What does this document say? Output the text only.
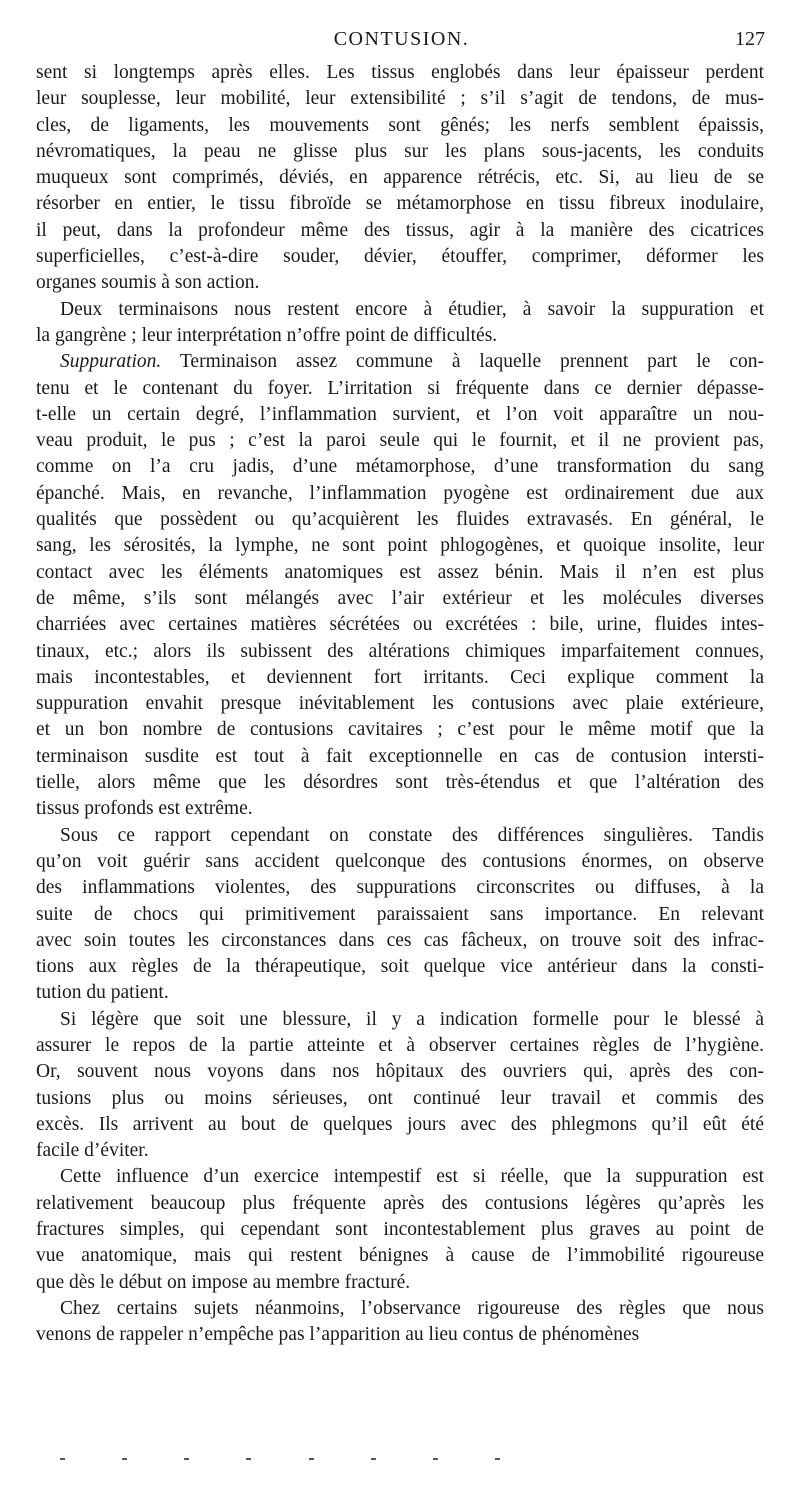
CONTUSION.	127
sent si longtemps après elles. Les tissus englobés dans leur épaisseur perdent
leur souplesse, leur mobilité, leur extensibilité ; s’il s’agit de tendons, de mus-
cles, de ligaments, les mouvements sont gênés; les nerfs semblent épaissis,
névromatiques, la peau ne glisse plus sur les plans sous-jacents, les conduits
muqueux sont comprimés, déviés, en apparence rétrécis, etc. Si, au lieu de se
résorber en entier, le tissu fibroïde se métamorphose en tissu fibreux inodulaire,
il peut, dans la profondeur même des tissus, agir à la manière des cicatrices
superficielles, c’est-à-dire souder, dévier, étouffer, comprimer, déformer les
organes soumis à son action.
Deux terminaisons nous restent encore à étudier, à savoir la suppuration et
la gangrène ; leur interprétation n’offre point de difficultés.
Suppuration. Terminaison assez commune à laquelle prennent part le con-
tenu et le contenant du foyer. L’irritation si fréquente dans ce dernier dépasse-
t-elle un certain degré, l’inflammation survient, et l’on voit apparaître un nou-
veau produit, le pus ; c’est la paroi seule qui le fournit, et il ne provient pas,
comme on l’a cru jadis, d’une métamorphose, d’une transformation du sang
épanché. Mais, en revanche, l’inflammation pyogène est ordinairement due aux
qualités que possèdent ou qu’acquièrent les fluides extravasés. En général, le
sang, les sérosités, la lymphe, ne sont point phlogogènes, et quoique insolite, leur
contact avec les éléments anatomiques est assez bénin. Mais il n’en est plus
de même, s’ils sont mélangés avec l’air extérieur et les molécules diverses
charriées avec certaines matières sécrétées ou excrétées : bile, urine, fluides intes-
tinaux, etc.; alors ils subissent des altérations chimiques imparfaitement connues,
mais incontestables, et deviennent fort irritants. Ceci explique comment la
suppuration envahit presque inévitablement les contusions avec plaie extérieure,
et un bon nombre de contusions cavitaires ; c’est pour le même motif que la
terminaison susdite est tout à fait exceptionnelle en cas de contusion intersti-
tielle, alors même que les désordres sont très-étendus et que l’altération des
tissus profonds est extrême.
Sous ce rapport cependant on constate des différences singulières. Tandis
qu’on voit guérir sans accident quelconque des contusions énormes, on observe
des inflammations violentes, des suppurations circonscrites ou diffuses, à la
suite de chocs qui primitivement paraissaient sans importance. En relevant
avec soin toutes les circonstances dans ces cas fâcheux, on trouve soit des infrac-
tions aux règles de la thérapeutique, soit quelque vice antérieur dans la consti-
tution du patient.
Si légère que soit une blessure, il y a indication formelle pour le blessé à
assurer le repos de la partie atteinte et à observer certaines règles de l’hygiène.
Or, souvent nous voyons dans nos hôpitaux des ouvriers qui, après des con-
tusions plus ou moins sérieuses, ont continué leur travail et commis des
excès. Ils arrivent au bout de quelques jours avec des phlegmons qu’il eût été
facile d’éviter.
Cette influence d’un exercice intempestif est si réelle, que la suppuration est
relativement beaucoup plus fréquente après des contusions légères qu’après les
fractures simples, qui cependant sont incontestablement plus graves au point de
vue anatomique, mais qui restent bénignes à cause de l’immobilité rigoureuse
que dès le début on impose au membre fracturé.
Chez certains sujets néanmoins, l’observance rigoureuse des règles que nous
venons de rappeler n’empêche pas l’apparition au lieu contus de phénomènes
